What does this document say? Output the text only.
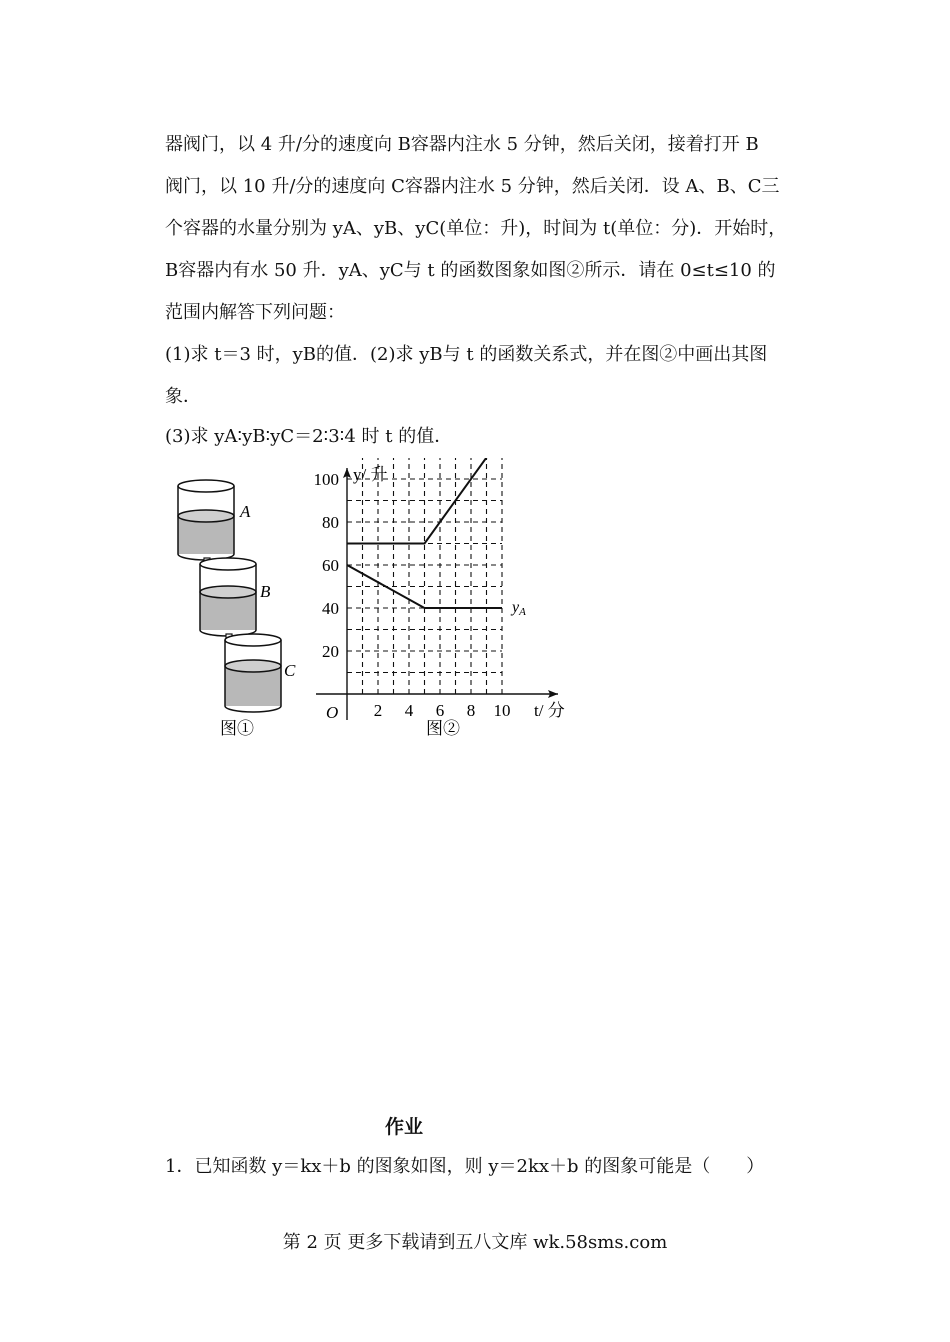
器阀门，以 4 升/分的速度向 B容器内注水 5 分钟，然后关闭，接着打开 B

阀门，以 10 升/分的速度向 C容器内注水 5 分钟，然后关闭．设 A、B、C三

个容器的水量分别为 yA、yB、yC(单位：升)，时间为 t(单位：分)．开始时，

B容器内有水 50 升．yA、yC与 t 的函数图象如图②所示．请在 0≤t≤10 的

范围内解答下列问题：

(1)求 t＝3 时，yB的值．(2)求 yB与 t 的函数关系式，并在图②中画出其图

象．

(3)求 yA∶yB∶yC＝2∶3∶4 时 t 的值．

A
B
C
图①
2 4 6 8 10
20
40
60
80
100
yA
y/ 升
t/ 分
O
图②
作业
1．已知函数 y＝kx＋b 的图象如图，则 y＝2kx＋b 的图象可能是（　　）
第 2 页 更多下载请到五八文库 wk.58sms.com
